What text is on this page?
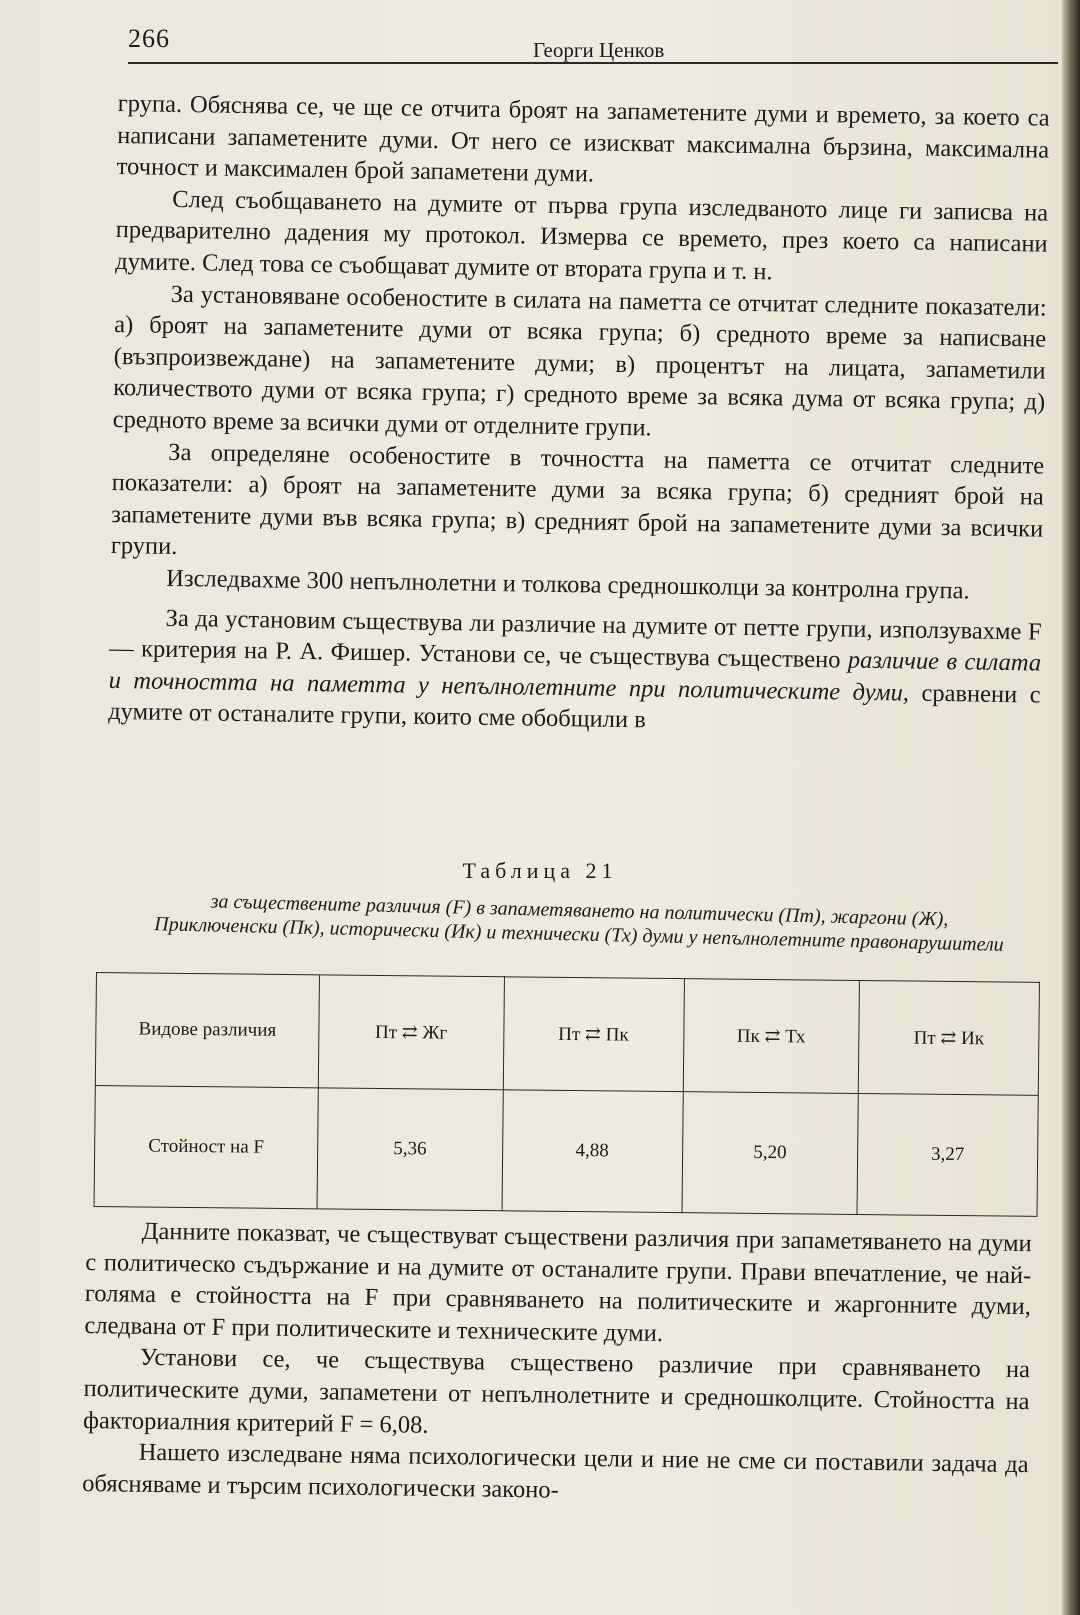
266	Георги Ценков

група. Обяснява се, че ще се отчита броят на запаметените думи и времето, за което са написани запаметените думи. От него се изискват максимална бързина, максимална точност и максимален брой запаметени думи.

След съобщаването на думите от първа група изследваното лице ги записва на предварително дадения му протокол. Измерва се времето, през което са написани думите. След това се съобщават думите от втората група и т. н.

За установяване особеностите в силата на паметта се отчитат следните показатели: а) броят на запаметените думи от всяка група; б) средното време за написване (възпроизвеждане) на запаметените думи; в) процентът на лицата, запаметили количеството думи от всяка група; г) средното време за всяка дума от всяка група; д) средното време за всички думи от отделните групи.

За определяне особеностите в точността на паметта се отчитат следните показатели: а) броят на запаметените думи за всяка група; б) средният брой на запаметените думи във всяка група; в) средният брой на запаметените думи за всички групи.

Изследвахме 300 непълнолетни и толкова средношколци за контролна група.

За да установим съществува ли различие на думите от петте групи, използувахме F — критерия на Р. А. Фишер. Установи се, че съществува съществено различие в силата и точността на паметта у непълнолетните при политическите думи, сравнени с думите от останалите групи, които сме обобщили в

Таблица 21
за съществените различия (F) в запаметяването на политически (Пт), жаргони (Ж), Приключенски (Пк), исторически (Ик) и технически (Тх) думи у непълнолетните правонарушители
Видове различия	Пт ⇄ Жг	Пт ⇄ Пк	Пк ⇄ Тх	Пт ⇄ Ик
Стойност на F	5,36	4,88	5,20	3,27

Данните показват, че съществуват съществени различия при запаметяването на думи с политическо съдържание и на думите от останалите групи. Прави впечатление, че най-голяма е стойността на F при сравняването на политическите и жаргонните думи, следвана от F при политическите и техническите думи.

Установи се, че съществува съществено различие при сравняването на политическите думи, запаметени от непълнолетните и средношколците. Стойността на факториалния критерий F = 6,08.

Нашето изследване няма психологически цели и ние не сме си поставили задача да обясняваме и търсим психологически законо-
